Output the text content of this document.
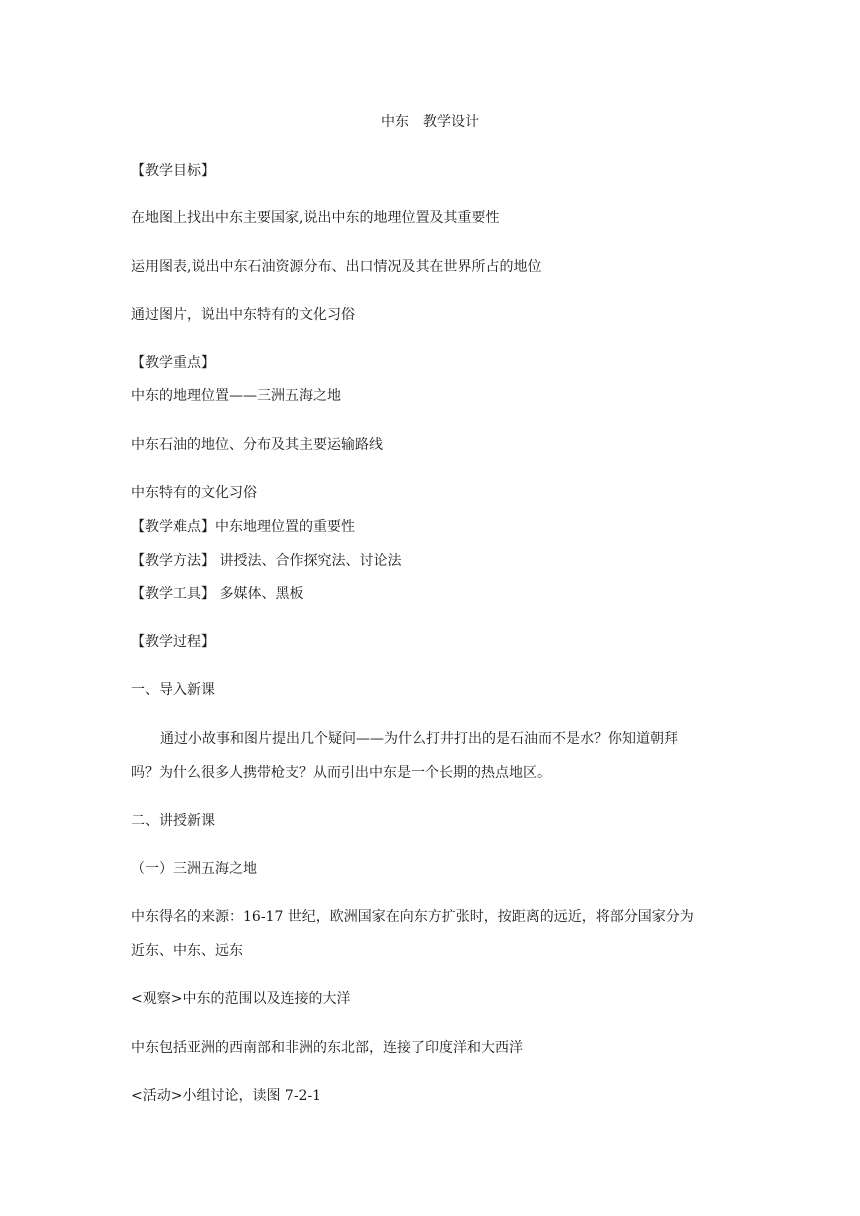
中东　教学设计
【教学目标】
在地图上找出中东主要国家,说出中东的地理位置及其重要性
运用图表,说出中东石油资源分布、出口情况及其在世界所占的地位
通过图片，说出中东特有的文化习俗
【教学重点】
中东的地理位置——三洲五海之地
中东石油的地位、分布及其主要运输路线
中东特有的文化习俗
【教学难点】中东地理位置的重要性
【教学方法】 讲授法、合作探究法、讨论法
【教学工具】 多媒体、黑板
【教学过程】
一、导入新课
通过小故事和图片提出几个疑问——为什么打井打出的是石油而不是水？你知道朝拜
吗？为什么很多人携带枪支？从而引出中东是一个长期的热点地区。
二、讲授新课
（一）三洲五海之地
中东得名的来源：16-17 世纪，欧洲国家在向东方扩张时，按距离的远近，将部分国家分为
近东、中东、远东
<观察>中东的范围以及连接的大洋
中东包括亚洲的西南部和非洲的东北部，连接了印度洋和大西洋
<活动>小组讨论，读图 7-2-1
